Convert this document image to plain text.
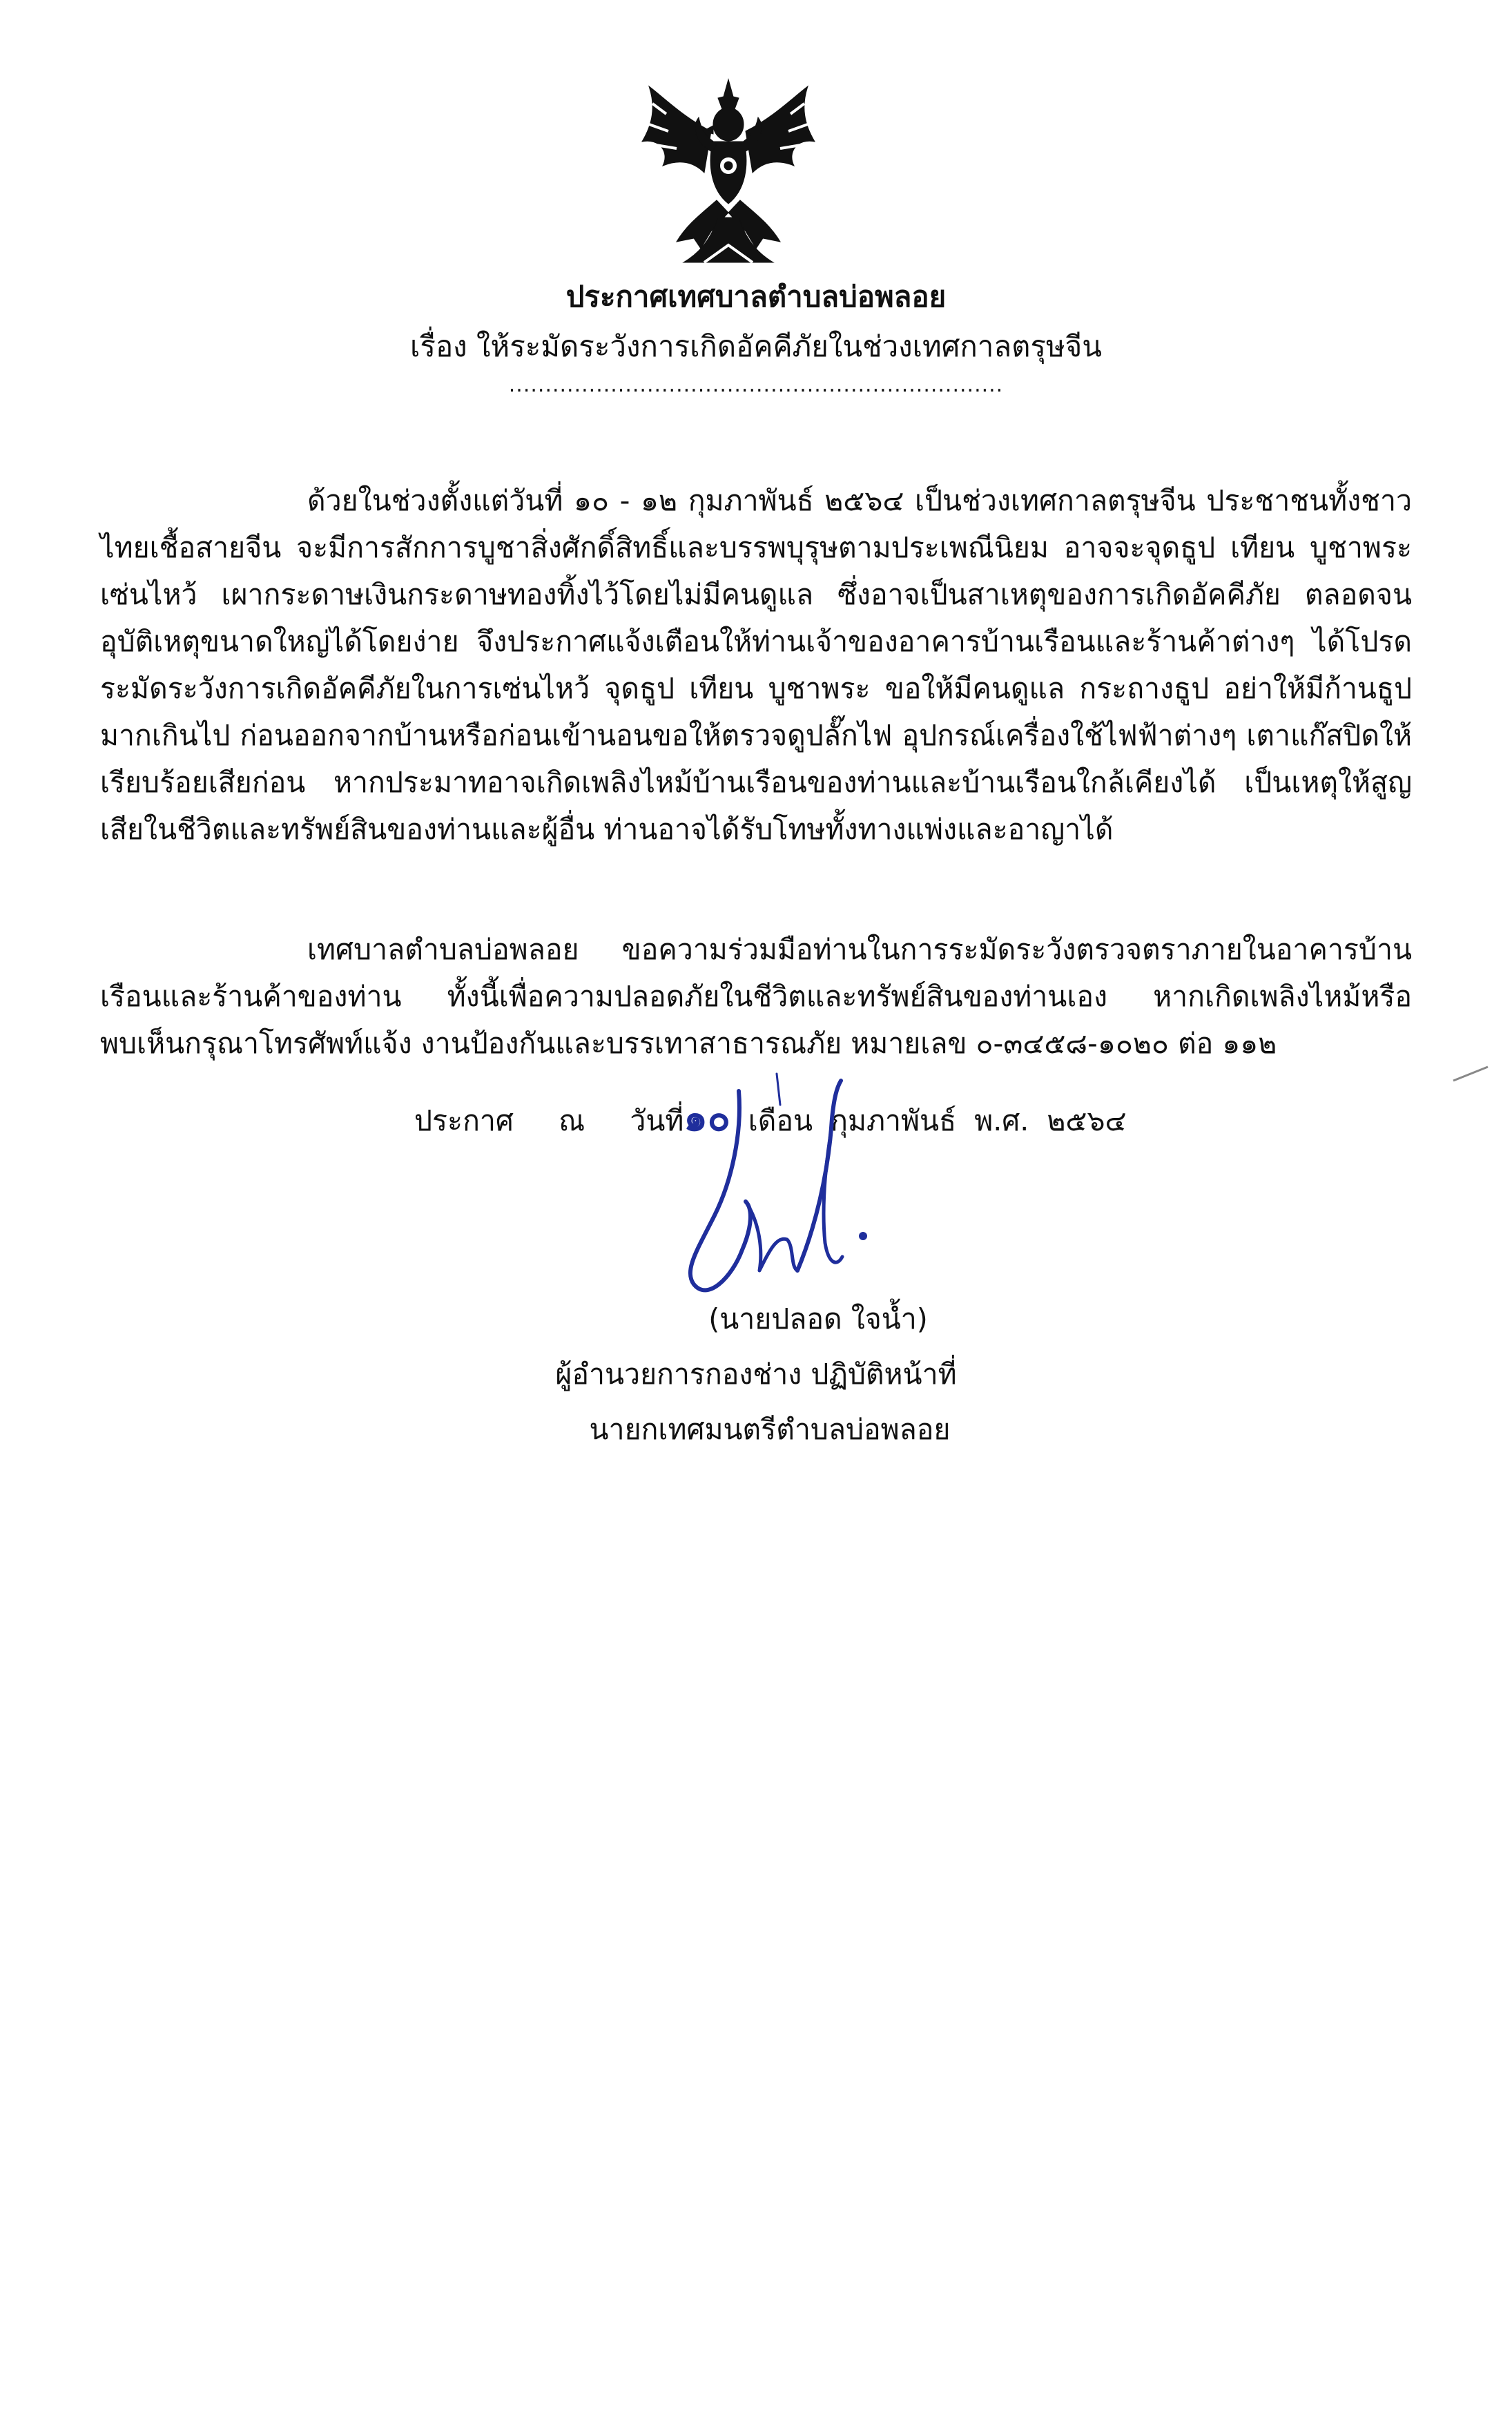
ประกาศเทศบาลตำบลบ่อพลอย
เรื่อง ให้ระมัดระวังการเกิดอัคคีภัยในช่วงเทศกาลตรุษจีน
....................................................................

ด้วยในช่วงตั้งแต่วันที่ ๑๐ - ๑๒ กุมภาพันธ์ ๒๕๖๔ เป็นช่วงเทศกาลตรุษจีน ประชาชนทั้งชาวไทยเชื้อสายจีน จะมีการสักการบูชาสิ่งศักดิ์สิทธิ์และบรรพบุรุษตามประเพณีนิยม อาจจะจุดธูป เทียน บูชาพระ เซ่นไหว้ เผากระดาษเงินกระดาษทองทิ้งไว้โดยไม่มีคนดูแล ซึ่งอาจเป็นสาเหตุของการเกิดอัคคีภัย ตลอดจนอุบัติเหตุขนาดใหญ่ได้โดยง่าย จึงประกาศแจ้งเตือนให้ท่านเจ้าของอาคารบ้านเรือนและร้านค้าต่างๆ ได้โปรดระมัดระวังการเกิดอัคคีภัยในการเซ่นไหว้ จุดธูป เทียน บูชาพระ ขอให้มีคนดูแล กระถางธูป อย่าให้มีก้านธูปมากเกินไป ก่อนออกจากบ้านหรือก่อนเข้านอนขอให้ตรวจดูปลั๊กไฟ อุปกรณ์เครื่องใช้ไฟฟ้าต่างๆ เตาแก๊สปิดให้เรียบร้อยเสียก่อน หากประมาทอาจเกิดเพลิงไหม้บ้านเรือนของท่านและบ้านเรือนใกล้เคียงได้ เป็นเหตุให้สูญเสียในชีวิตและทรัพย์สินของท่านและผู้อื่น ท่านอาจได้รับโทษทั้งทางแพ่งและอาญาได้

เทศบาลตำบลบ่อพลอย ขอความร่วมมือท่านในการระมัดระวังตรวจตราภายในอาคารบ้านเรือนและร้านค้าของท่าน ทั้งนี้เพื่อความปลอดภัยในชีวิตและทรัพย์สินของท่านเอง หากเกิดเพลิงไหม้หรือพบเห็นกรุณาโทรศัพท์แจ้ง งานป้องกันและบรรเทาสาธารณภัย หมายเลข ๐-๓๔๕๘-๑๐๒๐ ต่อ ๑๑๒

ประกาศ ณ วันที่๑๐ เดือน กุมภาพันธ์ พ.ศ. ๒๕๖๔
(นายปลอด ใจน้ำ)
ผู้อำนวยการกองช่าง ปฏิบัติหน้าที่
นายกเทศมนตรีตำบลบ่อพลอย
